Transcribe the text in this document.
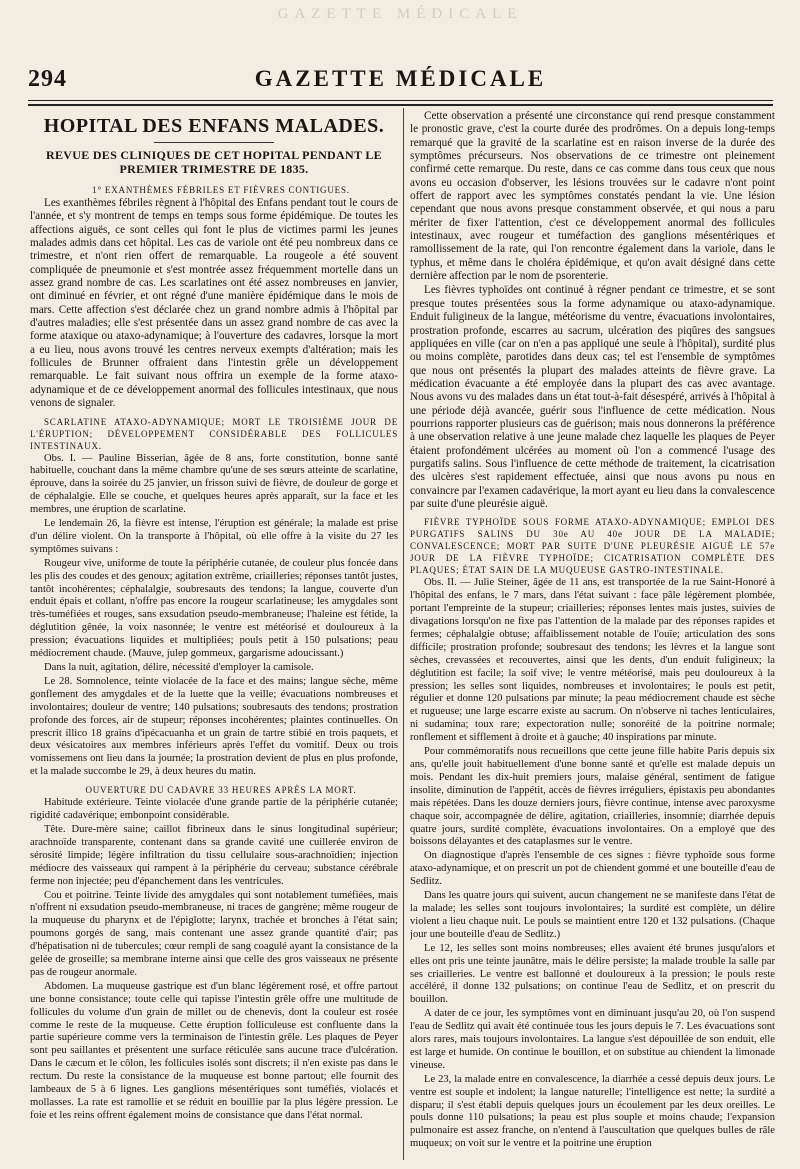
GAZETTE MÉDICALE
294	GAZETTE MÉDICALE
HOPITAL DES ENFANS MALADES.
REVUE DES CLINIQUES DE CET HOPITAL PENDANT LE PREMIER TRIMESTRE DE 1835.

1° EXANTHÈMES FÉBRILES ET FIÈVRES CONTIGUES.

Les exanthèmes fébriles règnent à l'hôpital des Enfans pendant tout le cours de l'année, et s'y montrent de temps en temps sous forme épidémique. De toutes les affections aiguës, ce sont celles qui font le plus de victimes parmi les jeunes malades admis dans cet hôpital. Les cas de variole ont été peu nombreux dans ce trimestre, et n'ont rien offert de remarquable. La rougeole a été souvent compliquée de pneumonie et s'est montrée assez fréquemment mortelle dans un assez grand nombre de cas. Les scarlatines ont été assez nombreuses en janvier, ont diminué en février, et ont régné d'une manière épidémique dans le mois de mars. Cette affection s'est déclarée chez un grand nombre admis à l'hôpital par d'autres maladies; elle s'est présentée dans un assez grand nombre de cas avec la forme ataxique ou ataxo-adynamique; à l'ouverture des cadavres, lorsque la mort a eu lieu, nous avons trouvé les centres nerveux exempts d'altération; mais les follicules de Brunner offraient dans l'intestin grêle un développement remarquable. Le fait suivant nous offrira un exemple de la forme ataxo-adynamique et de ce développement anormal des follicules intestinaux, que nous venons de signaler.

SCARLATINE ATAXO-ADYNAMIQUE; MORT LE TROISIÈME JOUR DE L'ÉRUPTION; DÉVELOPPEMENT CONSIDÉRABLE DES FOLLICULES INTESTINAUX.

Obs. I. — Pauline Bisserian, âgée de 8 ans, forte constitution, bonne santé habituelle, couchant dans la même chambre qu'une de ses sœurs atteinte de scarlatine, éprouve, dans la soirée du 25 janvier, un frisson suivi de fièvre, de douleur de gorge et de céphalalgie. Elle se couche, et quelques heures après apparaît, sur la face et les membres, une éruption de scarlatine.

Le lendemain 26, la fièvre est intense, l'éruption est générale; la malade est prise d'un délire violent. On la transporte à l'hôpital, où elle offre à la visite du 27 les symptômes suivans :

Rougeur vive, uniforme de toute la périphérie cutanée, de couleur plus foncée dans les plis des coudes et des genoux; agitation extrême, criailleries; réponses tantôt justes, tantôt incohérentes; céphalalgie, soubresauts des tendons; la langue, couverte d'un enduit épais et collant, n'offre pas encore la rougeur scarlatineuse; les amygdales sont très-tuméfiées et rouges, sans exsudation pseudo-membraneuse; l'haleine est fétide, la déglutition gênée, la voix nasonnée; le ventre est météorisé et douloureux à la pression; évacuations liquides et multipliées; pouls petit à 150 pulsations; peau médiocrement chaude. (Mauve, julep gommeux, gargarisme adoucissant.)

Dans la nuit, agitation, délire, nécessité d'employer la camisole.

Le 28. Somnolence, teinte violacée de la face et des mains; langue sèche, même gonflement des amygdales et de la luette que la veille; évacuations nombreuses et involontaires; douleur de ventre; 140 pulsations; soubresauts des tendons; prostration profonde des forces, air de stupeur; réponses incohérentes; plaintes continuelles. On prescrit illico 18 grains d'ipécacuanha et un grain de tartre stibié en trois paquets, et deux vésicatoires aux membres inférieurs après l'effet du vomitif. Deux ou trois vomissemens ont lieu dans la journée; la prostration devient de plus en plus profonde, et la malade succombe le 29, à deux heures du matin.

OUVERTURE DU CADAVRE 33 HEURES APRÈS LA MORT.

Habitude extérieure. Teinte violacée d'une grande partie de la périphérie cutanée; rigidité cadavérique; embonpoint considérable.

Tête. Dure-mère saine; caillot fibrineux dans le sinus longitudinal supérieur; arachnoïde transparente, contenant dans sa grande cavité une cuillerée environ de sérosité limpide; légère infiltration du tissu cellulaire sous-arachnoïdien; injection médiocre des vaisseaux qui rampent à la périphérie du cerveau; substance cérébrale ferme non injectée; peu d'épanchement dans les ventricules.

Cou et poitrine. Teinte livide des amygdales qui sont notablement tuméfiées, mais n'offrent ni exsudation pseudo-membraneuse, ni traces de gangrène; même rougeur de la muqueuse du pharynx et de l'épiglotte; larynx, trachée et bronches à l'état sain; poumons gorgés de sang, mais contenant une assez grande quantité d'air; pas d'hépatisation ni de tubercules; cœur rempli de sang coagulé ayant la consistance de la gelée de groseille; sa membrane interne ainsi que celle des gros vaisseaux ne présente pas de rougeur anormale.

Abdomen. La muqueuse gastrique est d'un blanc légèrement rosé, et offre partout une bonne consistance; toute celle qui tapisse l'intestin grêle offre une multitude de follicules du volume d'un grain de millet ou de chenevis, dont la couleur est rosée comme le reste de la muqueuse. Cette éruption folliculeuse est confluente dans la partie supérieure comme vers la terminaison de l'intestin grêle. Les plaques de Peyer sont peu saillantes et présentent une surface réticulée sans aucune trace d'ulcération. Dans le cæcum et le côlon, les follicules isolés sont discrets; il n'en existe pas dans le rectum. Du reste la consistance de la muqueuse est bonne partout; elle fournit des lambeaux de 5 à 6 lignes. Les ganglions mésentériques sont tuméfiés, violacés et mollasses. La rate est ramollie et se réduit en bouillie par la plus légère pression. Le foie et les reins offrent également moins de consistance que dans l'état normal.

Cette observation a présenté une circonstance qui rend presque constamment le pronostic grave, c'est la courte durée des prodrômes. On a depuis long-temps remarqué que la gravité de la scarlatine est en raison inverse de la durée des symptômes précurseurs. Nos observations de ce trimestre ont pleinement confirmé cette remarque. Du reste, dans ce cas comme dans tous ceux que nous avons eu occasion d'observer, les lésions trouvées sur le cadavre n'ont point offert de rapport avec les symptômes constatés pendant la vie. Une lésion cependant que nous avons presque constamment observée, et qui nous a paru mériter de fixer l'attention, c'est ce développement anormal des follicules intestinaux, avec rougeur et tuméfaction des ganglions mésentériques et ramollissement de la rate, qui l'on rencontre également dans la variole, dans le typhus, et même dans le choléra épidémique, et qu'on avait désigné dans cette dernière affection par le nom de psorenterie.

Les fièvres typhoïdes ont continué à régner pendant ce trimestre, et se sont presque toutes présentées sous la forme adynamique ou ataxo-adynamique. Enduit fuligineux de la langue, météorisme du ventre, évacuations involontaires, prostration profonde, escarres au sacrum, ulcération des piqûres des sangsues appliquées en ville (car on n'en a pas appliqué une seule à l'hôpital), surdité plus ou moins complète, parotides dans deux cas; tel est l'ensemble de symptômes que nous ont présentés la plupart des malades atteints de fièvre grave. La médication évacuante a été employée dans la plupart des cas avec avantage. Nous avons vu des malades dans un état tout-à-fait désespéré, arrivés à l'hôpital à une période déjà avancée, guérir sous l'influence de cette médication. Nous pourrions rapporter plusieurs cas de guérison; mais nous donnerons la préférence à une observation relative à une jeune malade chez laquelle les plaques de Peyer étaient profondément ulcérées au moment où l'on a commencé l'usage des purgatifs salins. Sous l'influence de cette méthode de traitement, la cicatrisation des ulcères s'est rapidement effectuée, ainsi que nous avons pu nous en convaincre par l'examen cadavérique, la mort ayant eu lieu dans la convalescence par suite d'une pleurésie aiguë.

FIÈVRE TYPHOÏDE SOUS FORME ATAXO-ADYNAMIQUE; EMPLOI DES PURGATIFS SALINS DU 30e AU 40e JOUR DE LA MALADIE; CONVALESCENCE; MORT PAR SUITE D'UNE PLEURÉSIE AIGUË LE 57e JOUR DE LA FIÈVRE TYPHOÏDE; CICATRISATION COMPLÈTE DES PLAQUES; ÉTAT SAIN DE LA MUQUEUSE GASTRO-INTESTINALE.

Obs. II. — Julie Steiner, âgée de 11 ans, est transportée de la rue Saint-Honoré à l'hôpital des enfans, le 7 mars, dans l'état suivant : face pâle légèrement plombée, portant l'empreinte de la stupeur; criailleries; réponses lentes mais justes, suivies de divagations lorsqu'on ne fixe pas l'attention de la malade par des réponses rapides et fermes; céphalalgie obtuse; affaiblissement notable de l'ouïe; articulation des sons difficile; prostration profonde; soubresaut des tendons; les lèvres et la langue sont sèches, crevassées et recouvertes, ainsi que les dents, d'un enduit fuligineux; la déglutition est facile; la soif vive; le ventre météorisé, mais peu douloureux à la pression; les selles sont liquides, nombreuses et involontaires; le pouls est petit, régulier et donne 120 pulsations par minute; la peau médiocrement chaude est sèche et rugueuse; une large escarre existe au sacrum. On n'observe ni taches lenticulaires, ni sudamina; toux rare; expectoration nulle; sonoréité de la poitrine normale; ronflement et sifflement à droite et à gauche; 40 inspirations par minute.

Pour commémoratifs nous recueillons que cette jeune fille habite Paris depuis six ans, qu'elle jouit habituellement d'une bonne santé et qu'elle est malade depuis un mois. Pendant les dix-huit premiers jours, malaise général, sentiment de fatigue insolite, diminution de l'appétit, accès de fièvres irréguliers, épistaxis peu abondantes mais répétées. Dans les douze derniers jours, fièvre continue, intense avec paroxysme chaque soir, accompagnée de délire, agitation, criailleries, insomnie; diarrhée depuis quatre jours, surdité complète, évacuations involontaires. On a employé que des boissons délayantes et des cataplasmes sur le ventre.

On diagnostique d'après l'ensemble de ces signes : fièvre typhoïde sous forme ataxo-adynamique, et on prescrit un pot de chiendent gommé et une bouteille d'eau de Sedlitz.

Dans les quatre jours qui suivent, aucun changement ne se manifeste dans l'état de la malade; les selles sont toujours involontaires; la surdité est complète, un délire violent a lieu chaque nuit. Le pouls se maintient entre 120 et 132 pulsations. (Chaque jour une bouteille d'eau de Sedlitz.)

Le 12, les selles sont moins nombreuses; elles avaient été brunes jusqu'alors et elles ont pris une teinte jaunâtre, mais le délire persiste; la malade trouble la salle par ses criailleries. Le ventre est ballonné et douloureux à la pression; le pouls reste accéléré, il donne 132 pulsations; on continue l'eau de Sedlitz, et on prescrit du bouillon.

A dater de ce jour, les symptômes vont en diminuant jusqu'au 20, où l'on suspend l'eau de Sedlitz qui avait été continuée tous les jours depuis le 7. Les évacuations sont alors rares, mais toujours involontaires. La langue s'est dépouillée de son enduit, elle est large et humide. On continue le bouillon, et on substitue au chiendent la limonade vineuse.

Le 23, la malade entre en convalescence, la diarrhée a cessé depuis deux jours. Le ventre est souple et indolent; la langue naturelle; l'intelligence est nette; la surdité a disparu; il s'est établi depuis quelques jours un écoulement par les deux oreilles. Le pouls donne 110 pulsations; la peau est plus souple et moins chaude; l'expansion pulmonaire est assez franche, on n'entend à l'auscultation que quelques bulles de râle muqueux; on voit sur le ventre et la poitrine une éruption
